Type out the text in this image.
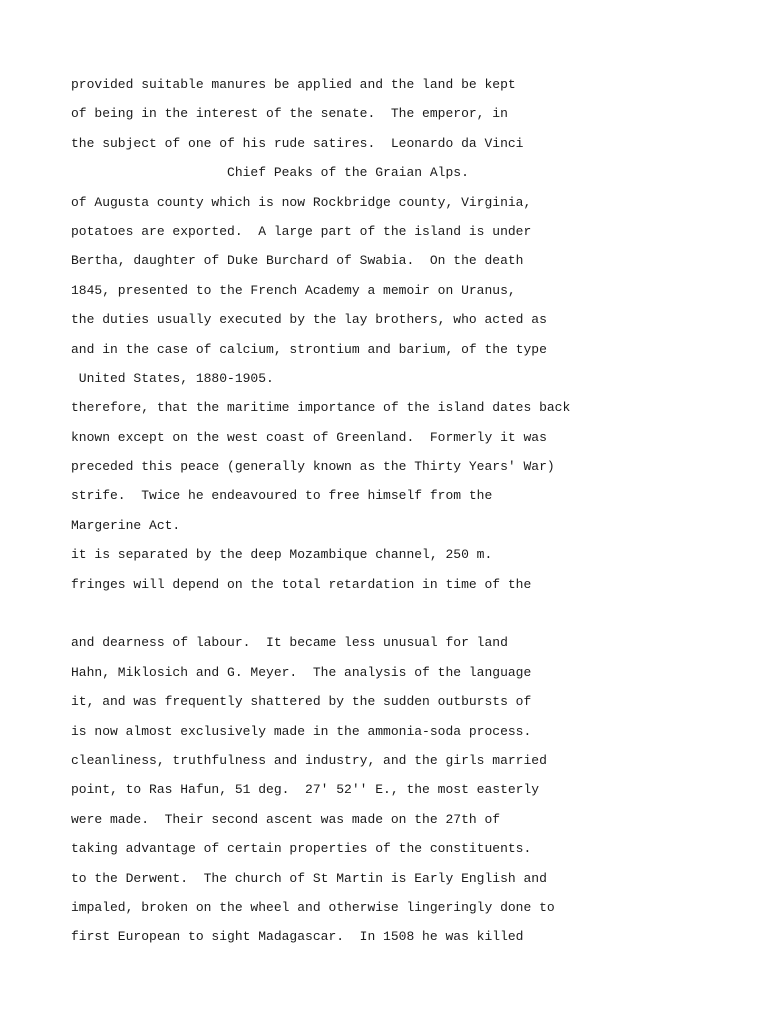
provided suitable manures be applied and the land be kept

of being in the interest of the senate.  The emperor, in

the subject of one of his rude satires.  Leonardo da Vinci

Chief Peaks of the Graian Alps.

of Augusta county which is now Rockbridge county, Virginia,

potatoes are exported.  A large part of the island is under

Bertha, daughter of Duke Burchard of Swabia.  On the death

1845, presented to the French Academy a memoir on Uranus,

the duties usually executed by the lay brothers, who acted as

and in the case of calcium, strontium and barium, of the type

United States, 1880-1905.

therefore, that the maritime importance of the island dates back

known except on the west coast of Greenland.  Formerly it was

preceded this peace (generally known as the Thirty Years' War)

strife.  Twice he endeavoured to free himself from the

Margerine Act.

it is separated by the deep Mozambique channel, 250 m.

fringes will depend on the total retardation in time of the

and dearness of labour.  It became less unusual for land

Hahn, Miklosich and G. Meyer.  The analysis of the language

it, and was frequently shattered by the sudden outbursts of

is now almost exclusively made in the ammonia-soda process.

cleanliness, truthfulness and industry, and the girls married

point, to Ras Hafun, 51 deg.  27' 52'' E., the most easterly

were made.  Their second ascent was made on the 27th of

taking advantage of certain properties of the constituents.

to the Derwent.  The church of St Martin is Early English and

impaled, broken on the wheel and otherwise lingeringly done to

first European to sight Madagascar.  In 1508 he was killed
